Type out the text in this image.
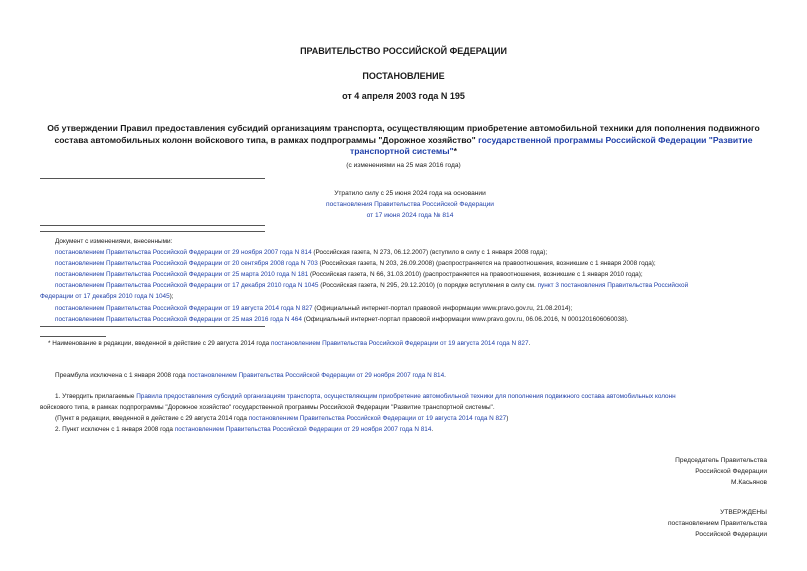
ПРАВИТЕЛЬСТВО РОССИЙСКОЙ ФЕДЕРАЦИИ
ПОСТАНОВЛЕНИЕ
от 4 апреля 2003 года N 195
Об утверждении Правил предоставления субсидий организациям транспорта, осуществляющим приобретение автомобильной техники для пополнения подвижного состава автомобильных колонн войскового типа, в рамках подпрограммы "Дорожное хозяйство" государственной программы Российской Федерации "Развитие транспортной системы"*
(с изменениями на 25 мая 2016 года)
Утратило силу с 25 июня 2024 года на основании
постановления Правительства Российской Федерации
от 17 июня 2024 года № 814
Документ с изменениями, внесенными:
постановлением Правительства Российской Федерации от 29 ноября 2007 года N 814 (Российская газета, N 273, 06.12.2007) (вступило в силу с 1 января 2008 года);
постановлением Правительства Российской Федерации от 20 сентября 2008 года N 703 (Российская газета, N 203, 26.09.2008) (распространяется на правоотношения, возникшие с 1 января 2008 года);
постановлением Правительства Российской Федерации от 25 марта 2010 года N 181 (Российская газета, N 66, 31.03.2010) (распространяется на правоотношения, возникшие с 1 января 2010 года);
постановлением Правительства Российской Федерации от 17 декабря 2010 года N 1045 (Российская газета, N 295, 29.12.2010) (о порядке вступления в силу см. пункт 3 постановления Правительства Российской
Федерации от 17 декабря 2010 года N 1045);
постановлением Правительства Российской Федерации от 19 августа 2014 года N 827 (Официальный интернет-портал правовой информации www.pravo.gov.ru, 21.08.2014);
постановлением Правительства Российской Федерации от 25 мая 2016 года N 464 (Официальный интернет-портал правовой информации www.pravo.gov.ru, 06.06.2016, N 0001201606060038).
* Наименование в редакции, введенной в действие с 29 августа 2014 года постановлением Правительства Российской Федерации от 19 августа 2014 года N 827.
Преамбула исключена с 1 января 2008 года постановлением Правительства Российской Федерации от 29 ноября 2007 года N 814.
1. Утвердить прилагаемые Правила предоставления субсидий организациям транспорта, осуществляющим приобретение автомобильной техники для пополнения подвижного состава автомобильных колонн
войскового типа, в рамках подпрограммы "Дорожное хозяйство" государственной программы Российской Федерации "Развитие транспортной системы".
(Пункт в редакции, введенной в действие с 29 августа 2014 года постановлением Правительства Российской Федерации от 19 августа 2014 года N 827)
2. Пункт исключен с 1 января 2008 года постановлением Правительства Российской Федерации от 29 ноября 2007 года N 814.
Председатель Правительства
Российской Федерации
М.Касьянов
УТВЕРЖДЕНЫ
постановлением Правительства
Российской Федерации
